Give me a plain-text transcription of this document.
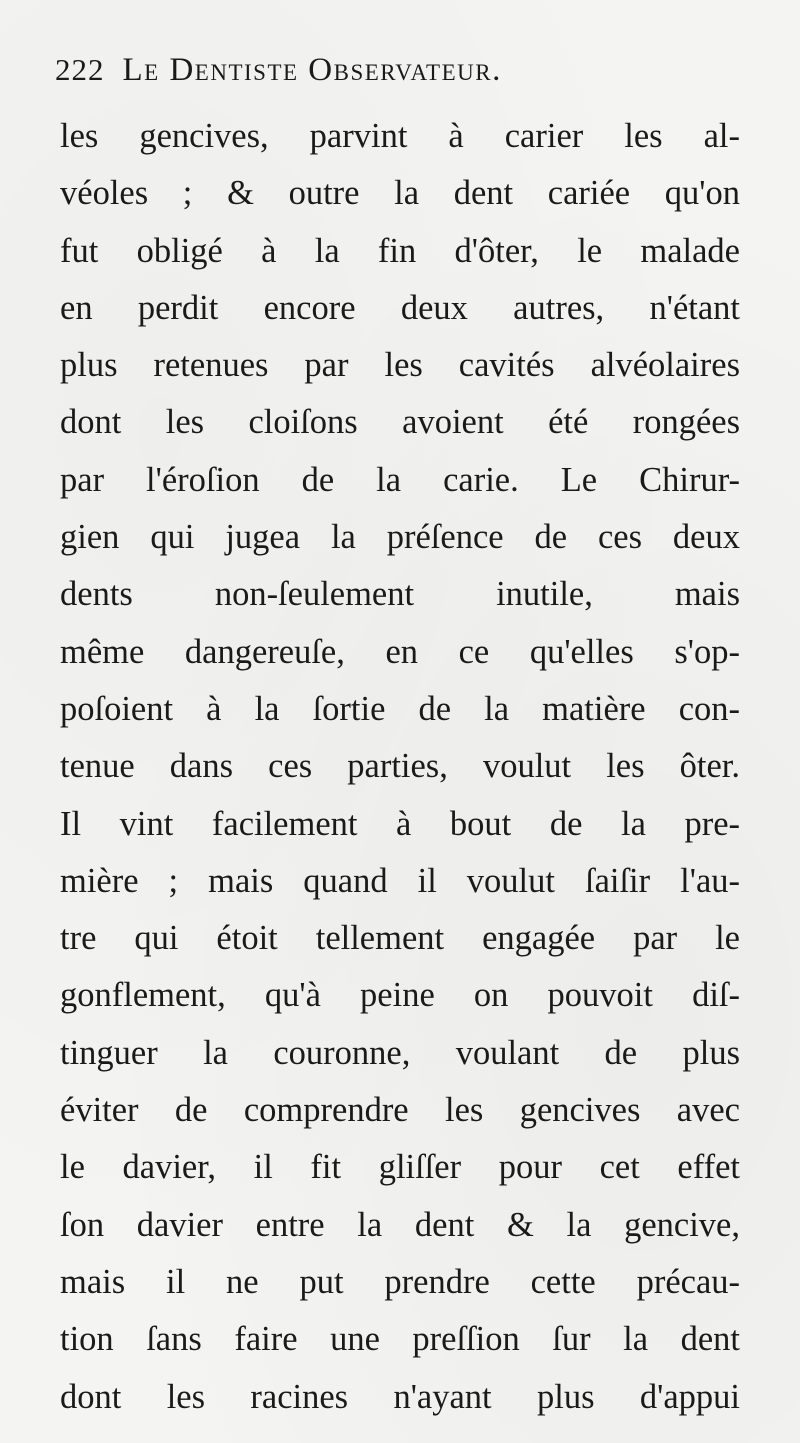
222 Le Dentiste Observateur.
les gencives, parvint à carier les al-
véoles ; & outre la dent cariée qu'on
fut obligé à la fin d'ôter, le malade
en perdit encore deux autres, n'étant
plus retenues par les cavités alvéolaires
dont les cloiſons avoient été rongées
par l'éroſion de la carie. Le Chirur-
gien qui jugea la préſence de ces deux
dents non-ſeulement inutile, mais
même dangereuſe, en ce qu'elles s'op-
poſoient à la ſortie de la matière con-
tenue dans ces parties, voulut les ôter.
Il vint facilement à bout de la pre-
mière ; mais quand il voulut ſaiſir l'au-
tre qui étoit tellement engagée par le
gonflement, qu'à peine on pouvoit diſ-
tinguer la couronne, voulant de plus
éviter de comprendre les gencives avec
le davier, il fit gliſſer pour cet effet
ſon davier entre la dent & la gencive,
mais il ne put prendre cette précau-
tion ſans faire une preſſion ſur la dent
dont les racines n'ayant plus d'appui
